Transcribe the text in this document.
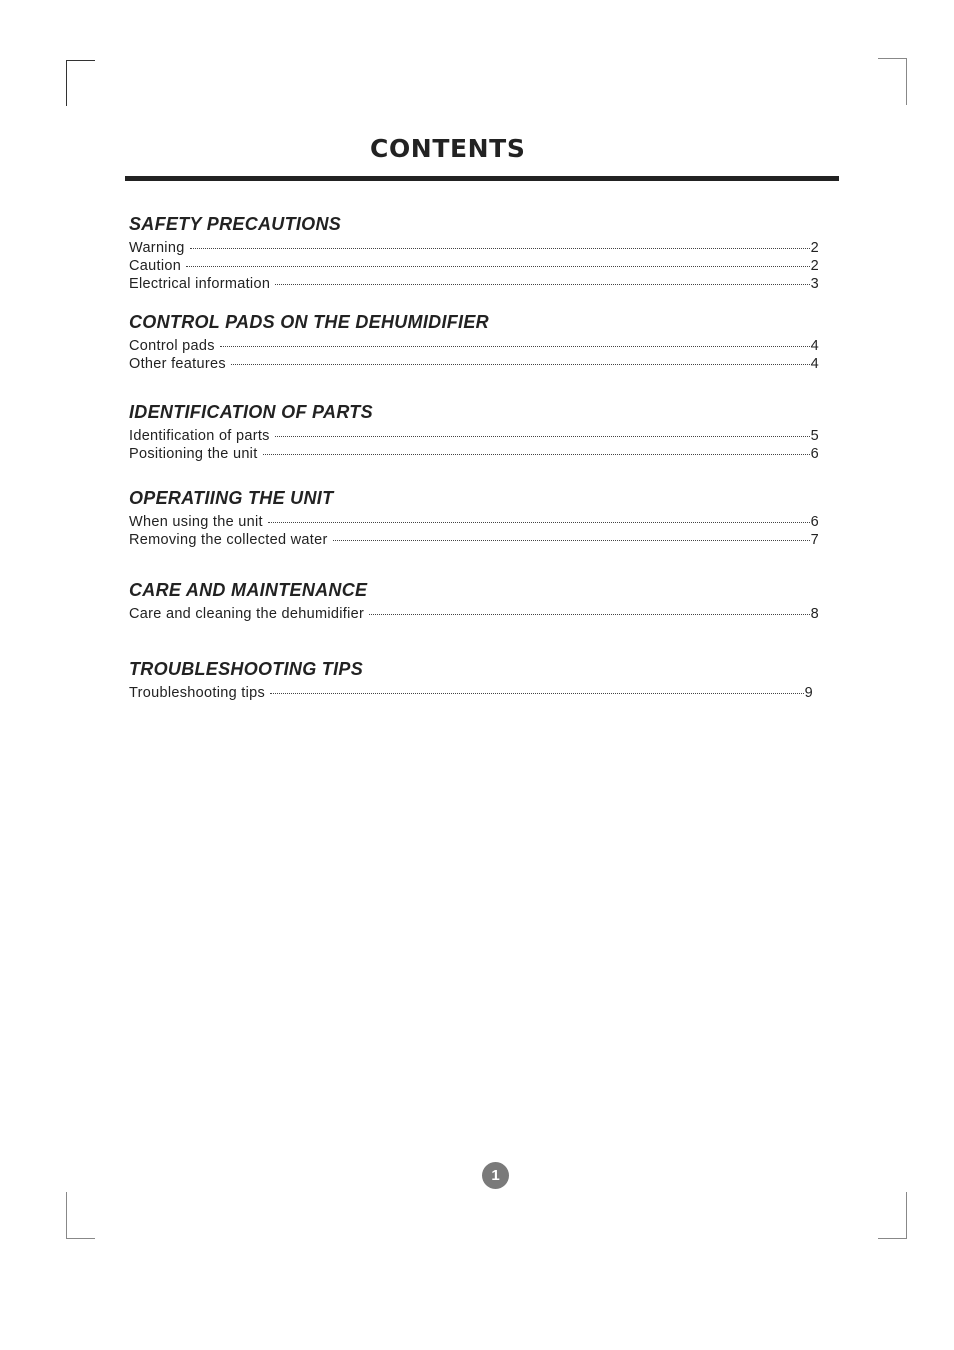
CONTENTS
SAFETY PRECAUTIONS
Warning	2
Caution	2
Electrical information	3
CONTROL PADS ON THE DEHUMIDIFIER
Control pads	4
Other features	4
IDENTIFICATION OF PARTS
Identification of parts	5
Positioning the unit	6
OPERATIING THE UNIT
When using the unit	6
Removing the collected water	7
CARE AND MAINTENANCE
Care and cleaning the dehumidifier	8
TROUBLESHOOTING TIPS
Troubleshooting tips	9
1
